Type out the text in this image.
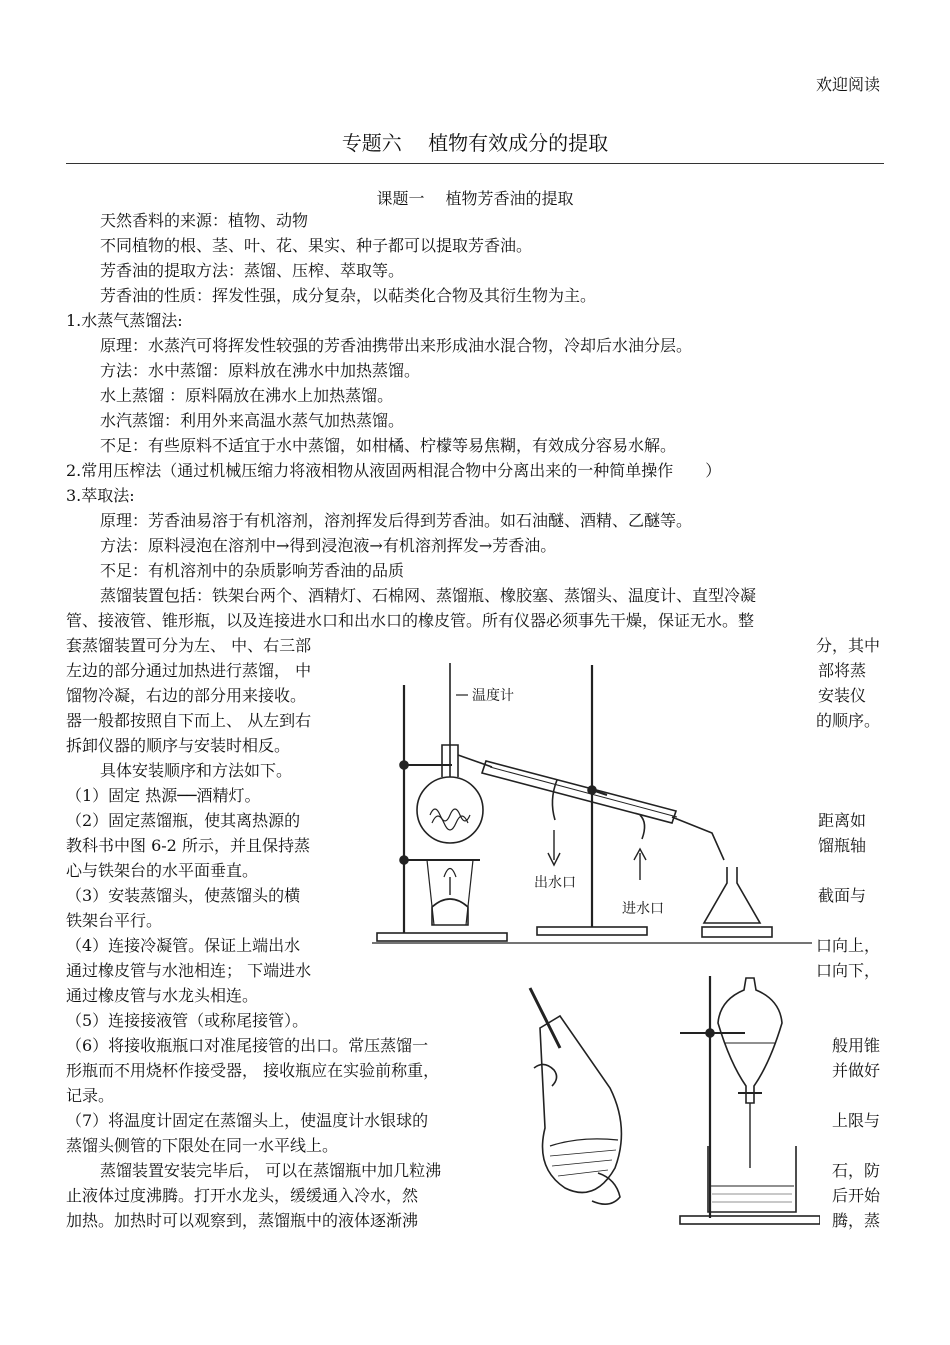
欢迎阅读
专题六　 植物有效成分的提取
课题一　 植物芳香油的提取
天然香料的来源：植物、动物
不同植物的根、茎、叶、花、果实、种子都可以提取芳香油。
芳香油的提取方法：蒸馏、压榨、萃取等。
芳香油的性质：挥发性强，成分复杂，以萜类化合物及其衍生物为主。
1.水蒸气蒸馏法:
原理：水蒸汽可将挥发性较强的芳香油携带出来形成油水混合物，冷却后水油分层。
方法：水中蒸馏：原料放在沸水中加热蒸馏。
水上蒸馏 ：原料隔放在沸水上加热蒸馏。
水汽蒸馏：利用外来高温水蒸气加热蒸馏。
不足：有些原料不适宜于水中蒸馏，如柑橘、柠檬等易焦糊，有效成分容易水解。
2.常用压榨法（通过机械压缩力将液相物从液固两相混合物中分离出来的一种简单操作　　）
3.萃取法:
原理：芳香油易溶于有机溶剂，溶剂挥发后得到芳香油。如石油醚、酒精、乙醚等。
方法：原料浸泡在溶剂中→得到浸泡液→有机溶剂挥发→芳香油。
不足：有机溶剂中的杂质影响芳香油的品质
蒸馏装置包括：铁架台两个、酒精灯、石棉网、蒸馏瓶、橡胶塞、蒸馏头、温度计、直型冷凝
管、接液管、锥形瓶，以及连接进水口和出水口的橡皮管。所有仪器必须事先干燥，保证无水。整
套蒸馏装置可分为左、 中、右三部
左边的部分通过加热进行蒸馏， 中
馏物冷凝，右边的部分用来接收。
器一般都按照自下而上、 从左到右
拆卸仪器的顺序与安装时相反。
具体安装顺序和方法如下。
（1）固定 热源──酒精灯。
（2）固定蒸馏瓶，使其离热源的
教科书中图 6-2 所示，并且保持蒸
心与铁架台的水平面垂直。
（3）安装蒸馏头，使蒸馏头的横
铁架台平行。
（4）连接冷凝管。保证上端出水
通过橡皮管与水池相连； 下端进水
通过橡皮管与水龙头相连。
（5）连接接液管（或称尾接管）。
（6）将接收瓶瓶口对准尾接管的出口。常压蒸馏一
形瓶而不用烧杯作接受器， 接收瓶应在实验前称重，
记录。
（7）将温度计固定在蒸馏头上，使温度计水银球的
蒸馏头侧管的下限处在同一水平线上。
蒸馏装置安装完毕后， 可以在蒸馏瓶中加几粒沸
止液体过度沸腾。打开水龙头，缓缓通入冷水，然
加热。加热时可以观察到，蒸馏瓶中的液体逐渐沸
分，其中
部将蒸
安装仪
的顺序。
距离如
馏瓶轴
截面与
口向上，
口向下，
般用锥
并做好
上限与
石，防
后开始
腾，蒸
温度计
出水口
进水口
